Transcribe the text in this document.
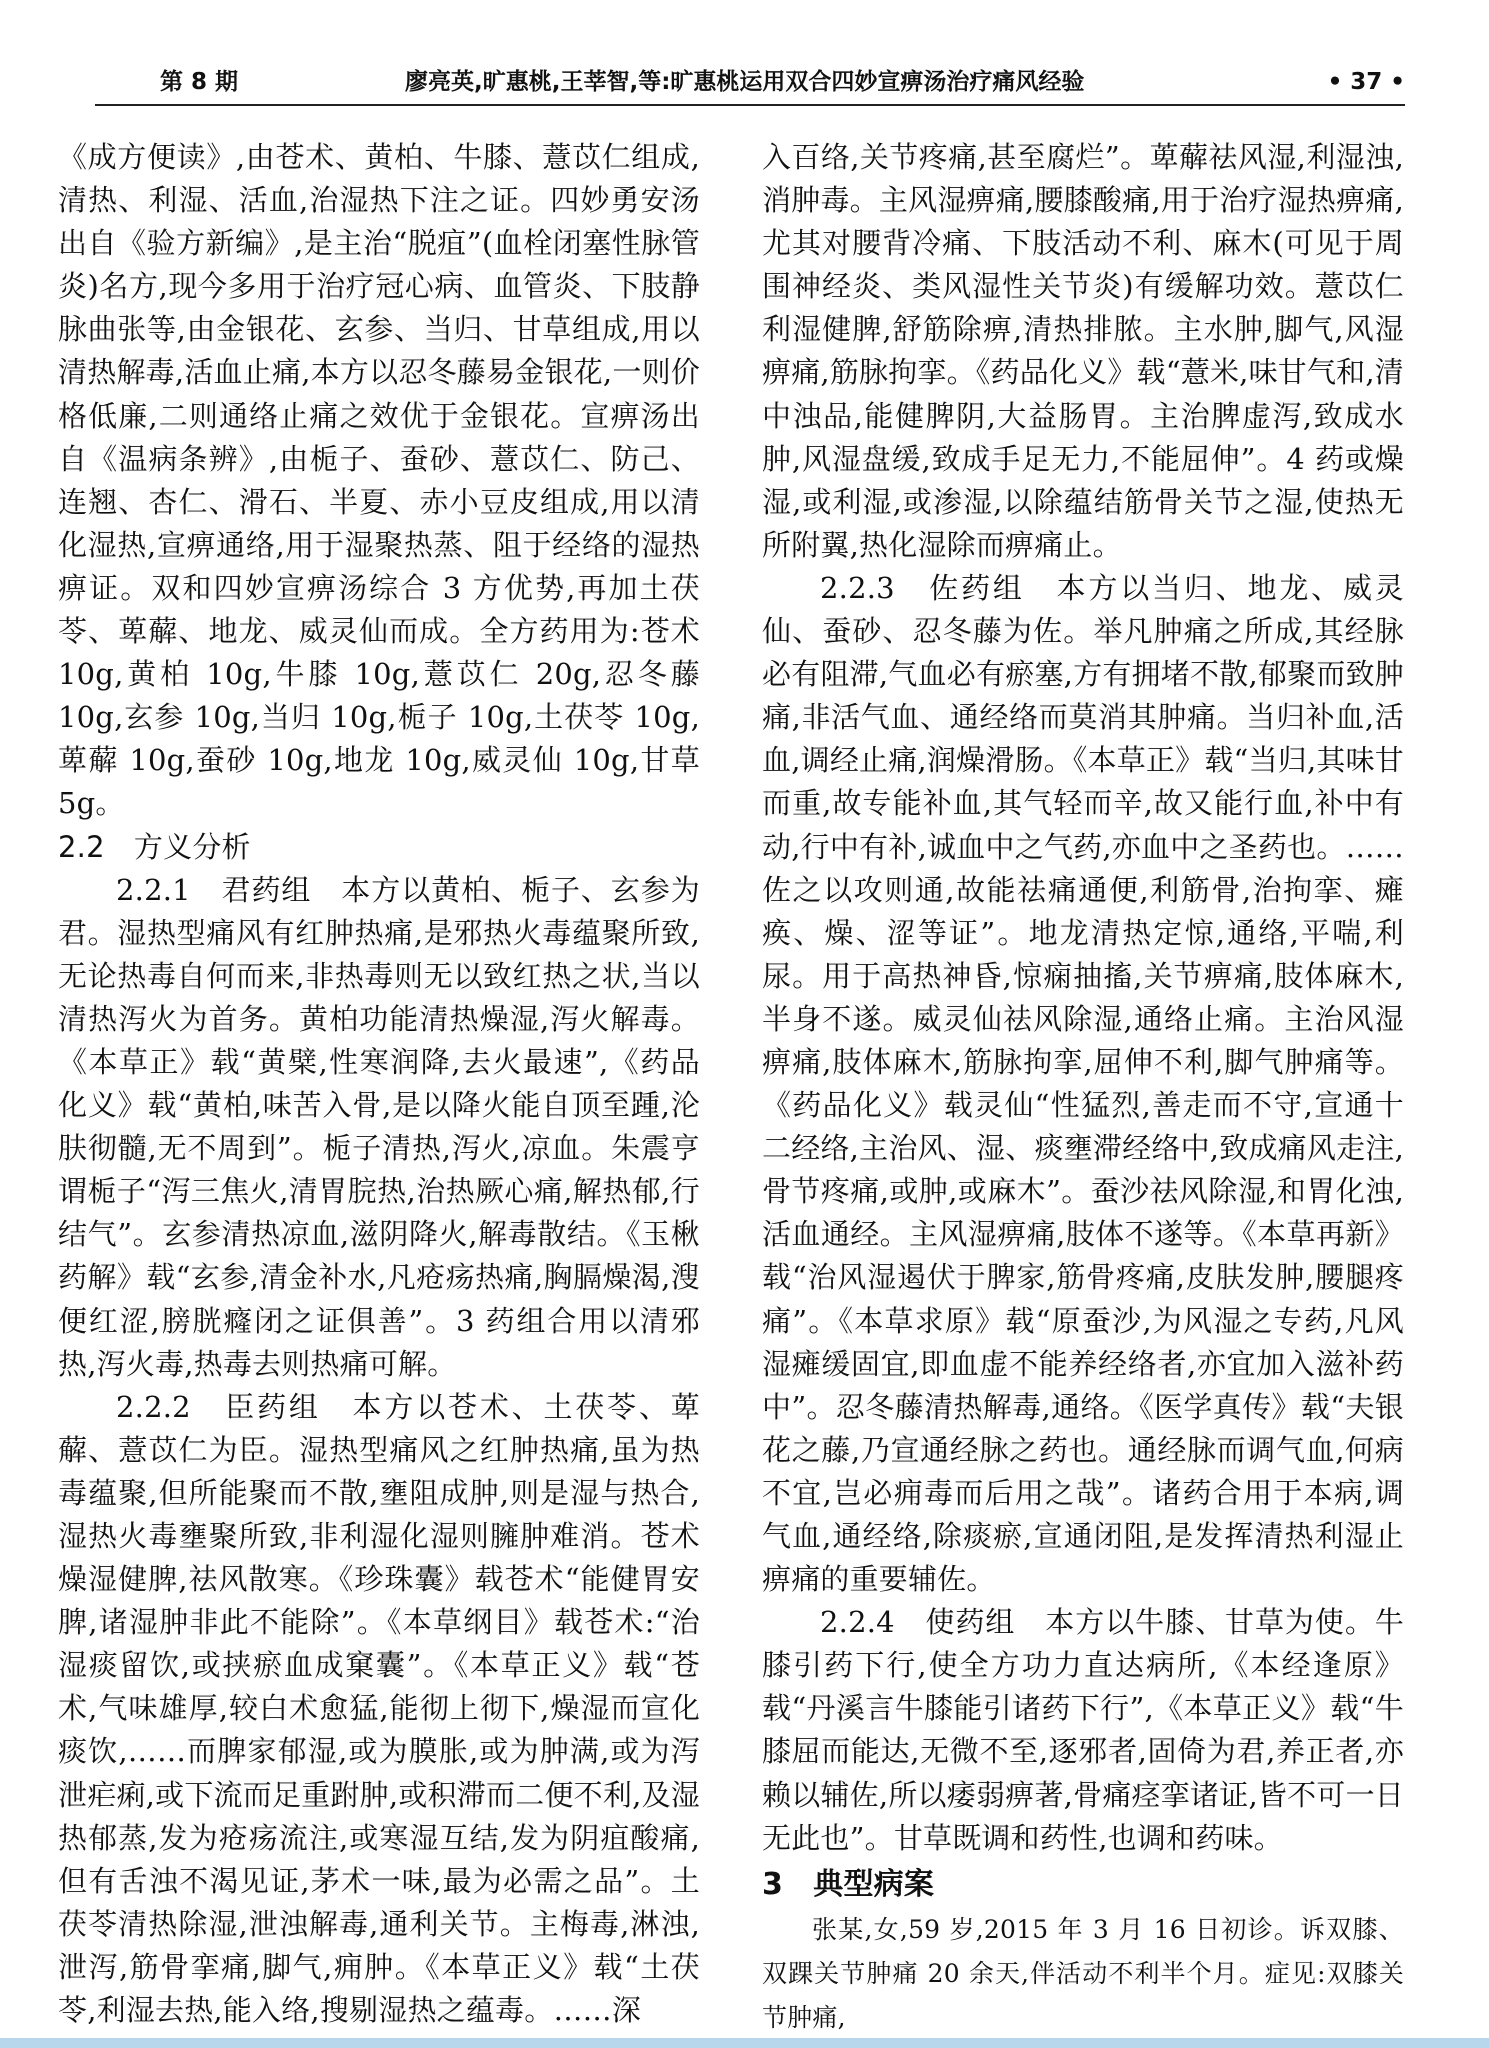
第 8 期	廖亮英,旷惠桃,王莘智,等:旷惠桃运用双合四妙宣痹汤治疗痛风经验	• 37 •

《成方便读》,由苍术、黄柏、牛膝、薏苡仁组成,清热、利湿、活血,治湿热下注之证。四妙勇安汤出自《验方新编》,是主治“脱疽”(血栓闭塞性脉管炎)名方,现今多用于治疗冠心病、血管炎、下肢静脉曲张等,由金银花、玄参、当归、甘草组成,用以清热解毒,活血止痛,本方以忍冬藤易金银花,一则价格低廉,二则通络止痛之效优于金银花。宣痹汤出自《温病条辨》,由栀子、蚕砂、薏苡仁、防己、连翘、杏仁、滑石、半夏、赤小豆皮组成,用以清化湿热,宣痹通络,用于湿聚热蒸、阻于经络的湿热痹证。双和四妙宣痹汤综合 3 方优势,再加土茯苓、萆薢、地龙、威灵仙而成。全方药用为:苍术 10g,黄柏 10g,牛膝 10g,薏苡仁 20g,忍冬藤 10g,玄参 10g,当归 10g,栀子 10g,土茯苓 10g,萆薢 10g,蚕砂 10g,地龙 10g,威灵仙 10g,甘草 5g。

2.2　方义分析

2.2.1　君药组　本方以黄柏、栀子、玄参为君。湿热型痛风有红肿热痛,是邪热火毒蕴聚所致,无论热毒自何而来,非热毒则无以致红热之状,当以清热泻火为首务。黄柏功能清热燥湿,泻火解毒。《本草正》载“黄檗,性寒润降,去火最速”,《药品化义》载“黄柏,味苦入骨,是以降火能自顶至踵,沦肤彻髓,无不周到”。栀子清热,泻火,凉血。朱震亨谓栀子“泻三焦火,清胃脘热,治热厥心痛,解热郁,行结气”。玄参清热凉血,滋阴降火,解毒散结。《玉楸药解》载“玄参,清金补水,凡疮疡热痛,胸膈燥渴,溲便红涩,膀胱癃闭之证俱善”。3 药组合用以清邪热,泻火毒,热毒去则热痛可解。

2.2.2　臣药组　本方以苍术、土茯苓、萆薢、薏苡仁为臣。湿热型痛风之红肿热痛,虽为热毒蕴聚,但所能聚而不散,壅阻成肿,则是湿与热合,湿热火毒壅聚所致,非利湿化湿则臃肿难消。苍术燥湿健脾,祛风散寒。《珍珠囊》载苍术“能健胃安脾,诸湿肿非此不能除”。《本草纲目》载苍术:“治湿痰留饮,或挟瘀血成窠囊”。《本草正义》载“苍术,气味雄厚,较白术愈猛,能彻上彻下,燥湿而宣化痰饮,……而脾家郁湿,或为膜胀,或为肿满,或为泻泄疟痢,或下流而足重跗肿,或积滞而二便不利,及湿热郁蒸,发为疮疡流注,或寒湿互结,发为阴疽酸痛,但有舌浊不渴见证,茅术一味,最为必需之品”。土茯苓清热除湿,泄浊解毒,通利关节。主梅毒,淋浊,泄泻,筋骨挛痛,脚气,痈肿。《本草正义》载“土茯苓,利湿去热,能入络,搜剔湿热之蕴毒。……深

入百络,关节疼痛,甚至腐烂”。萆薢祛风湿,利湿浊,消肿毒。主风湿痹痛,腰膝酸痛,用于治疗湿热痹痛,尤其对腰背冷痛、下肢活动不利、麻木(可见于周围神经炎、类风湿性关节炎)有缓解功效。薏苡仁利湿健脾,舒筋除痹,清热排脓。主水肿,脚气,风湿痹痛,筋脉拘挛。《药品化义》载“薏米,味甘气和,清中浊品,能健脾阴,大益肠胃。主治脾虚泻,致成水肿,风湿盘缓,致成手足无力,不能屈伸”。4 药或燥湿,或利湿,或渗湿,以除蕴结筋骨关节之湿,使热无所附翼,热化湿除而痹痛止。

2.2.3　佐药组　本方以当归、地龙、威灵仙、蚕砂、忍冬藤为佐。举凡肿痛之所成,其经脉必有阻滞,气血必有瘀塞,方有拥堵不散,郁聚而致肿痛,非活气血、通经络而莫消其肿痛。当归补血,活血,调经止痛,润燥滑肠。《本草正》载“当归,其味甘而重,故专能补血,其气轻而辛,故又能行血,补中有动,行中有补,诚血中之气药,亦血中之圣药也。……佐之以攻则通,故能祛痛通便,利筋骨,治拘挛、瘫痪、燥、涩等证”。地龙清热定惊,通络,平喘,利尿。用于高热神昏,惊痫抽搐,关节痹痛,肢体麻木,半身不遂。威灵仙祛风除湿,通络止痛。主治风湿痹痛,肢体麻木,筋脉拘挛,屈伸不利,脚气肿痛等。《药品化义》载灵仙“性猛烈,善走而不守,宣通十二经络,主治风、湿、痰壅滞经络中,致成痛风走注,骨节疼痛,或肿,或麻木”。蚕沙祛风除湿,和胃化浊,活血通经。主风湿痹痛,肢体不遂等。《本草再新》载“治风湿遏伏于脾家,筋骨疼痛,皮肤发肿,腰腿疼痛”。《本草求原》载“原蚕沙,为风湿之专药,凡风湿瘫缓固宜,即血虚不能养经络者,亦宜加入滋补药中”。忍冬藤清热解毒,通络。《医学真传》载“夫银花之藤,乃宣通经脉之药也。通经脉而调气血,何病不宜,岂必痈毒而后用之哉”。诸药合用于本病,调气血,通经络,除痰瘀,宣通闭阻,是发挥清热利湿止痹痛的重要辅佐。

2.2.4　使药组　本方以牛膝、甘草为使。牛膝引药下行,使全方功力直达病所,《本经逢原》载“丹溪言牛膝能引诸药下行”,《本草正义》载“牛膝屈而能达,无微不至,逐邪者,固倚为君,养正者,亦赖以辅佐,所以痿弱痹著,骨痛痉挛诸证,皆不可一日无此也”。甘草既调和药性,也调和药味。

3　典型病案

张某,女,59 岁,2015 年 3 月 16 日初诊。诉双膝、双踝关节肿痛 20 余天,伴活动不利半个月。症见:双膝关节肿痛,
